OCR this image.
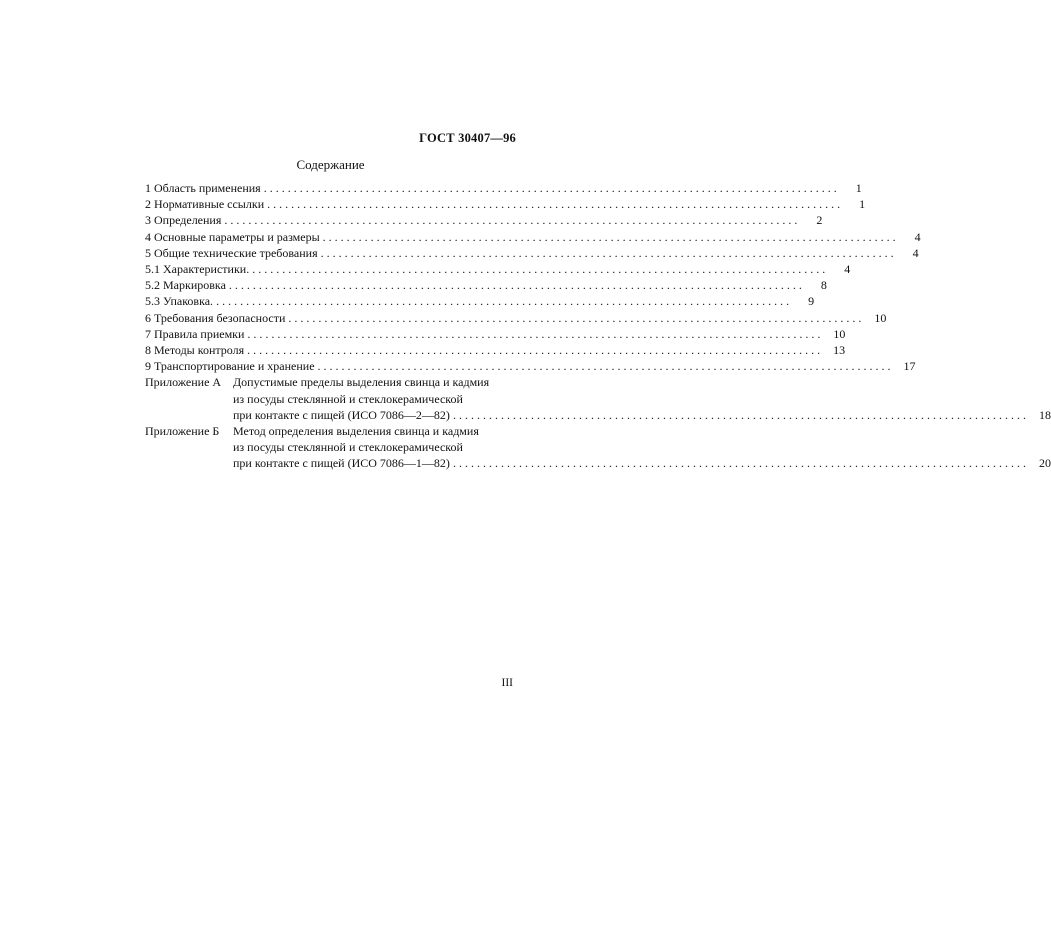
ГОСТ 30407—96
Содержание
1 Область применения . . .	1
2 Нормативные ссылки . . .	1
3 Определения . . .	2
4 Основные параметры и размеры . . .	4
5 Общие технические требования . . .	4
5.1 Характеристики. . . .	4
5.2 Маркировка . . .	8
5.3 Упаковка. . . .	9
6 Требования безопасности . . .	10
7 Правила приемки . . .	10
8 Методы контроля . . .	13
9 Транспортирование и хранение . . .	17
Приложение А Допустимые пределы выделения свинца и кадмия
из посуды стеклянной и стеклокерамической
при контакте с пищей (ИСО 7086—2—82) . . .	18
Приложение Б	Метод определения выделения свинца и кадмия
из посуды стеклянной и стеклокерамической
при контакте с пищей (ИСО 7086—1—82) . . .	20
III
